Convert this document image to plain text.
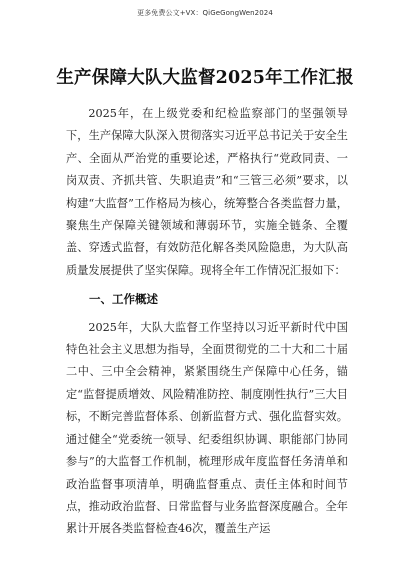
更多免费公文+VX：QiGeGongWen2024
生产保障大队大监督2025年工作汇报

2025年，在上级党委和纪检监察部门的坚强领导下，生产保障大队深入贯彻落实习近平总书记关于安全生产、全面从严治党的重要论述，严格执行“党政同责、一岗双责、齐抓共管、失职追责”和“三管三必须”要求，以构建“大监督”工作格局为核心，统筹整合各类监督力量，聚焦生产保障关键领域和薄弱环节，实施全链条、全覆盖、穿透式监督，有效防范化解各类风险隐患，为大队高质量发展提供了坚实保障。现将全年工作情况汇报如下：

一、工作概述

2025年，大队大监督工作坚持以习近平新时代中国特色社会主义思想为指导，全面贯彻党的二十大和二十届二中、三中全会精神，紧紧围绕生产保障中心任务，锚定“监督提质增效、风险精准防控、制度刚性执行”三大目标，不断完善监督体系、创新监督方式、强化监督实效。通过健全“党委统一领导、纪委组织协调、职能部门协同参与”的大监督工作机制，梳理形成年度监督任务清单和政治监督事项清单，明确监督重点、责任主体和时间节点，推动政治监督、日常监督与业务监督深度融合。全年累计开展各类监督检查46次，覆盖生产运
